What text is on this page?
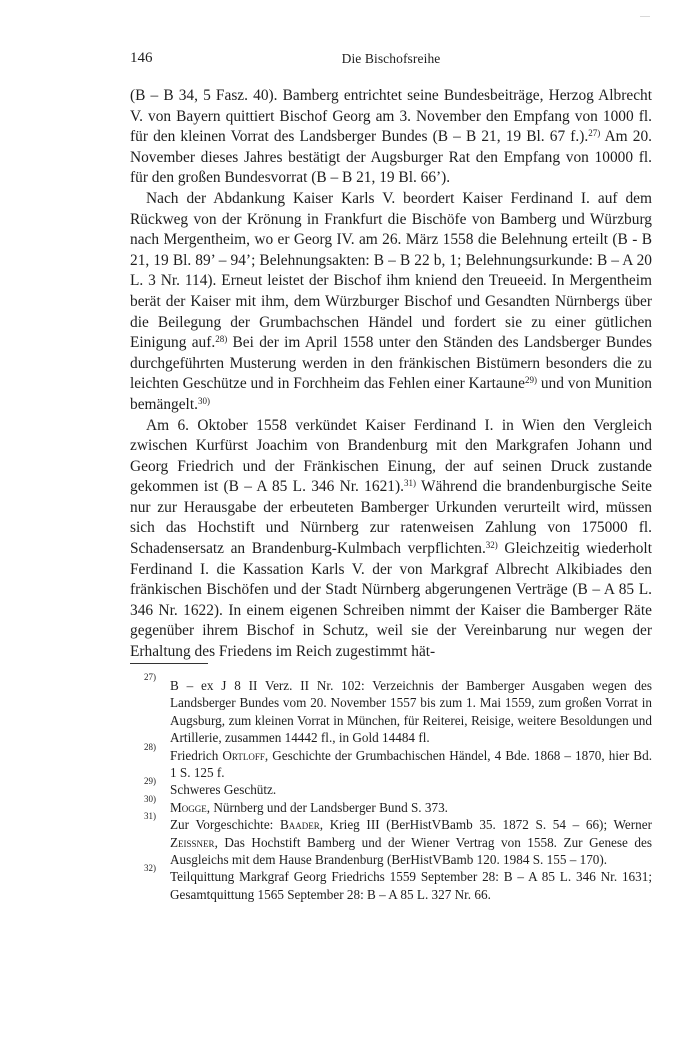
146	Die Bischofsreihe

(B – B 34, 5 Fasz. 40). Bamberg entrichtet seine Bundesbeiträge, Herzog Albrecht V. von Bayern quittiert Bischof Georg am 3. November den Empfang von 1000 fl. für den kleinen Vorrat des Landsberger Bundes (B – B 21, 19 Bl. 67 f.).$^{27)}$ Am 20. November dieses Jahres bestätigt der Augsburger Rat den Empfang von 10000 fl. für den großen Bundesvorrat (B – B 21, 19 Bl. 66’).

Nach der Abdankung Kaiser Karls V. beordert Kaiser Ferdinand I. auf dem Rückweg von der Krönung in Frankfurt die Bischöfe von Bamberg und Würzburg nach Mergentheim, wo er Georg IV. am 26. März 1558 die Belehnung erteilt (B - B 21, 19 Bl. 89’ – 94’; Belehnungsakten: B – B 22 b, 1; Belehnungsurkunde: B – A 20 L. 3 Nr. 114). Erneut leistet der Bischof ihm kniend den Treueeid. In Mergentheim berät der Kaiser mit ihm, dem Würzburger Bischof und Gesandten Nürnbergs über die Beilegung der Grumbachschen Händel und fordert sie zu einer gütlichen Einigung auf.$^{28)}$ Bei der im April 1558 unter den Ständen des Landsberger Bundes durchgeführten Musterung werden in den fränkischen Bistümern besonders die zu leichten Geschütze und in Forchheim das Fehlen einer Kartaune$^{29)}$ und von Munition bemängelt.$^{30)}$

Am 6. Oktober 1558 verkündet Kaiser Ferdinand I. in Wien den Vergleich zwischen Kurfürst Joachim von Brandenburg mit den Markgrafen Johann und Georg Friedrich und der Fränkischen Einung, der auf seinen Druck zustande gekommen ist (B – A 85 L. 346 Nr. 1621).$^{31)}$ Während die brandenburgische Seite nur zur Herausgabe der erbeuteten Bamberger Urkunden verurteilt wird, müssen sich das Hochstift und Nürnberg zur ratenweisen Zahlung von 175000 fl. Schadensersatz an Brandenburg-Kulmbach verpflichten.$^{32)}$ Gleichzeitig wiederholt Ferdinand I. die Kassation Karls V. der von Markgraf Albrecht Alkibiades den fränkischen Bischöfen und der Stadt Nürnberg abgerungenen Verträge (B – A 85 L. 346 Nr. 1622). In einem eigenen Schreiben nimmt der Kaiser die Bamberger Räte gegenüber ihrem Bischof in Schutz, weil sie der Vereinbarung nur wegen der Erhaltung des Friedens im Reich zugestimmt hät-

27)
B – ex J 8 II Verz. II Nr. 102: Verzeichnis der Bamberger Ausgaben wegen des Landsberger Bundes vom 20. November 1557 bis zum 1. Mai 1559, zum großen Vorrat in Augsburg, zum kleinen Vorrat in München, für Reiterei, Reisige, weitere Besoldungen und Artillerie, zusammen 14442 fl., in Gold 14484 fl.

28)
Friedrich Ortloff, Geschichte der Grumbachischen Händel, 4 Bde. 1868 – 1870, hier Bd. 1 S. 125 f.

29)
Schweres Geschütz.

30)
Mogge, Nürnberg und der Landsberger Bund S. 373.

31)
Zur Vorgeschichte: Baader, Krieg III (BerHistVBamb 35. 1872 S. 54 – 66); Werner Zeissner, Das Hochstift Bamberg und der Wiener Vertrag von 1558. Zur Genese des Ausgleichs mit dem Hause Brandenburg (BerHistVBamb 120. 1984 S. 155 – 170).

32)
Teilquittung Markgraf Georg Friedrichs 1559 September 28: B – A 85 L. 346 Nr. 1631; Gesamtquittung 1565 September 28: B – A 85 L. 327 Nr. 66.
